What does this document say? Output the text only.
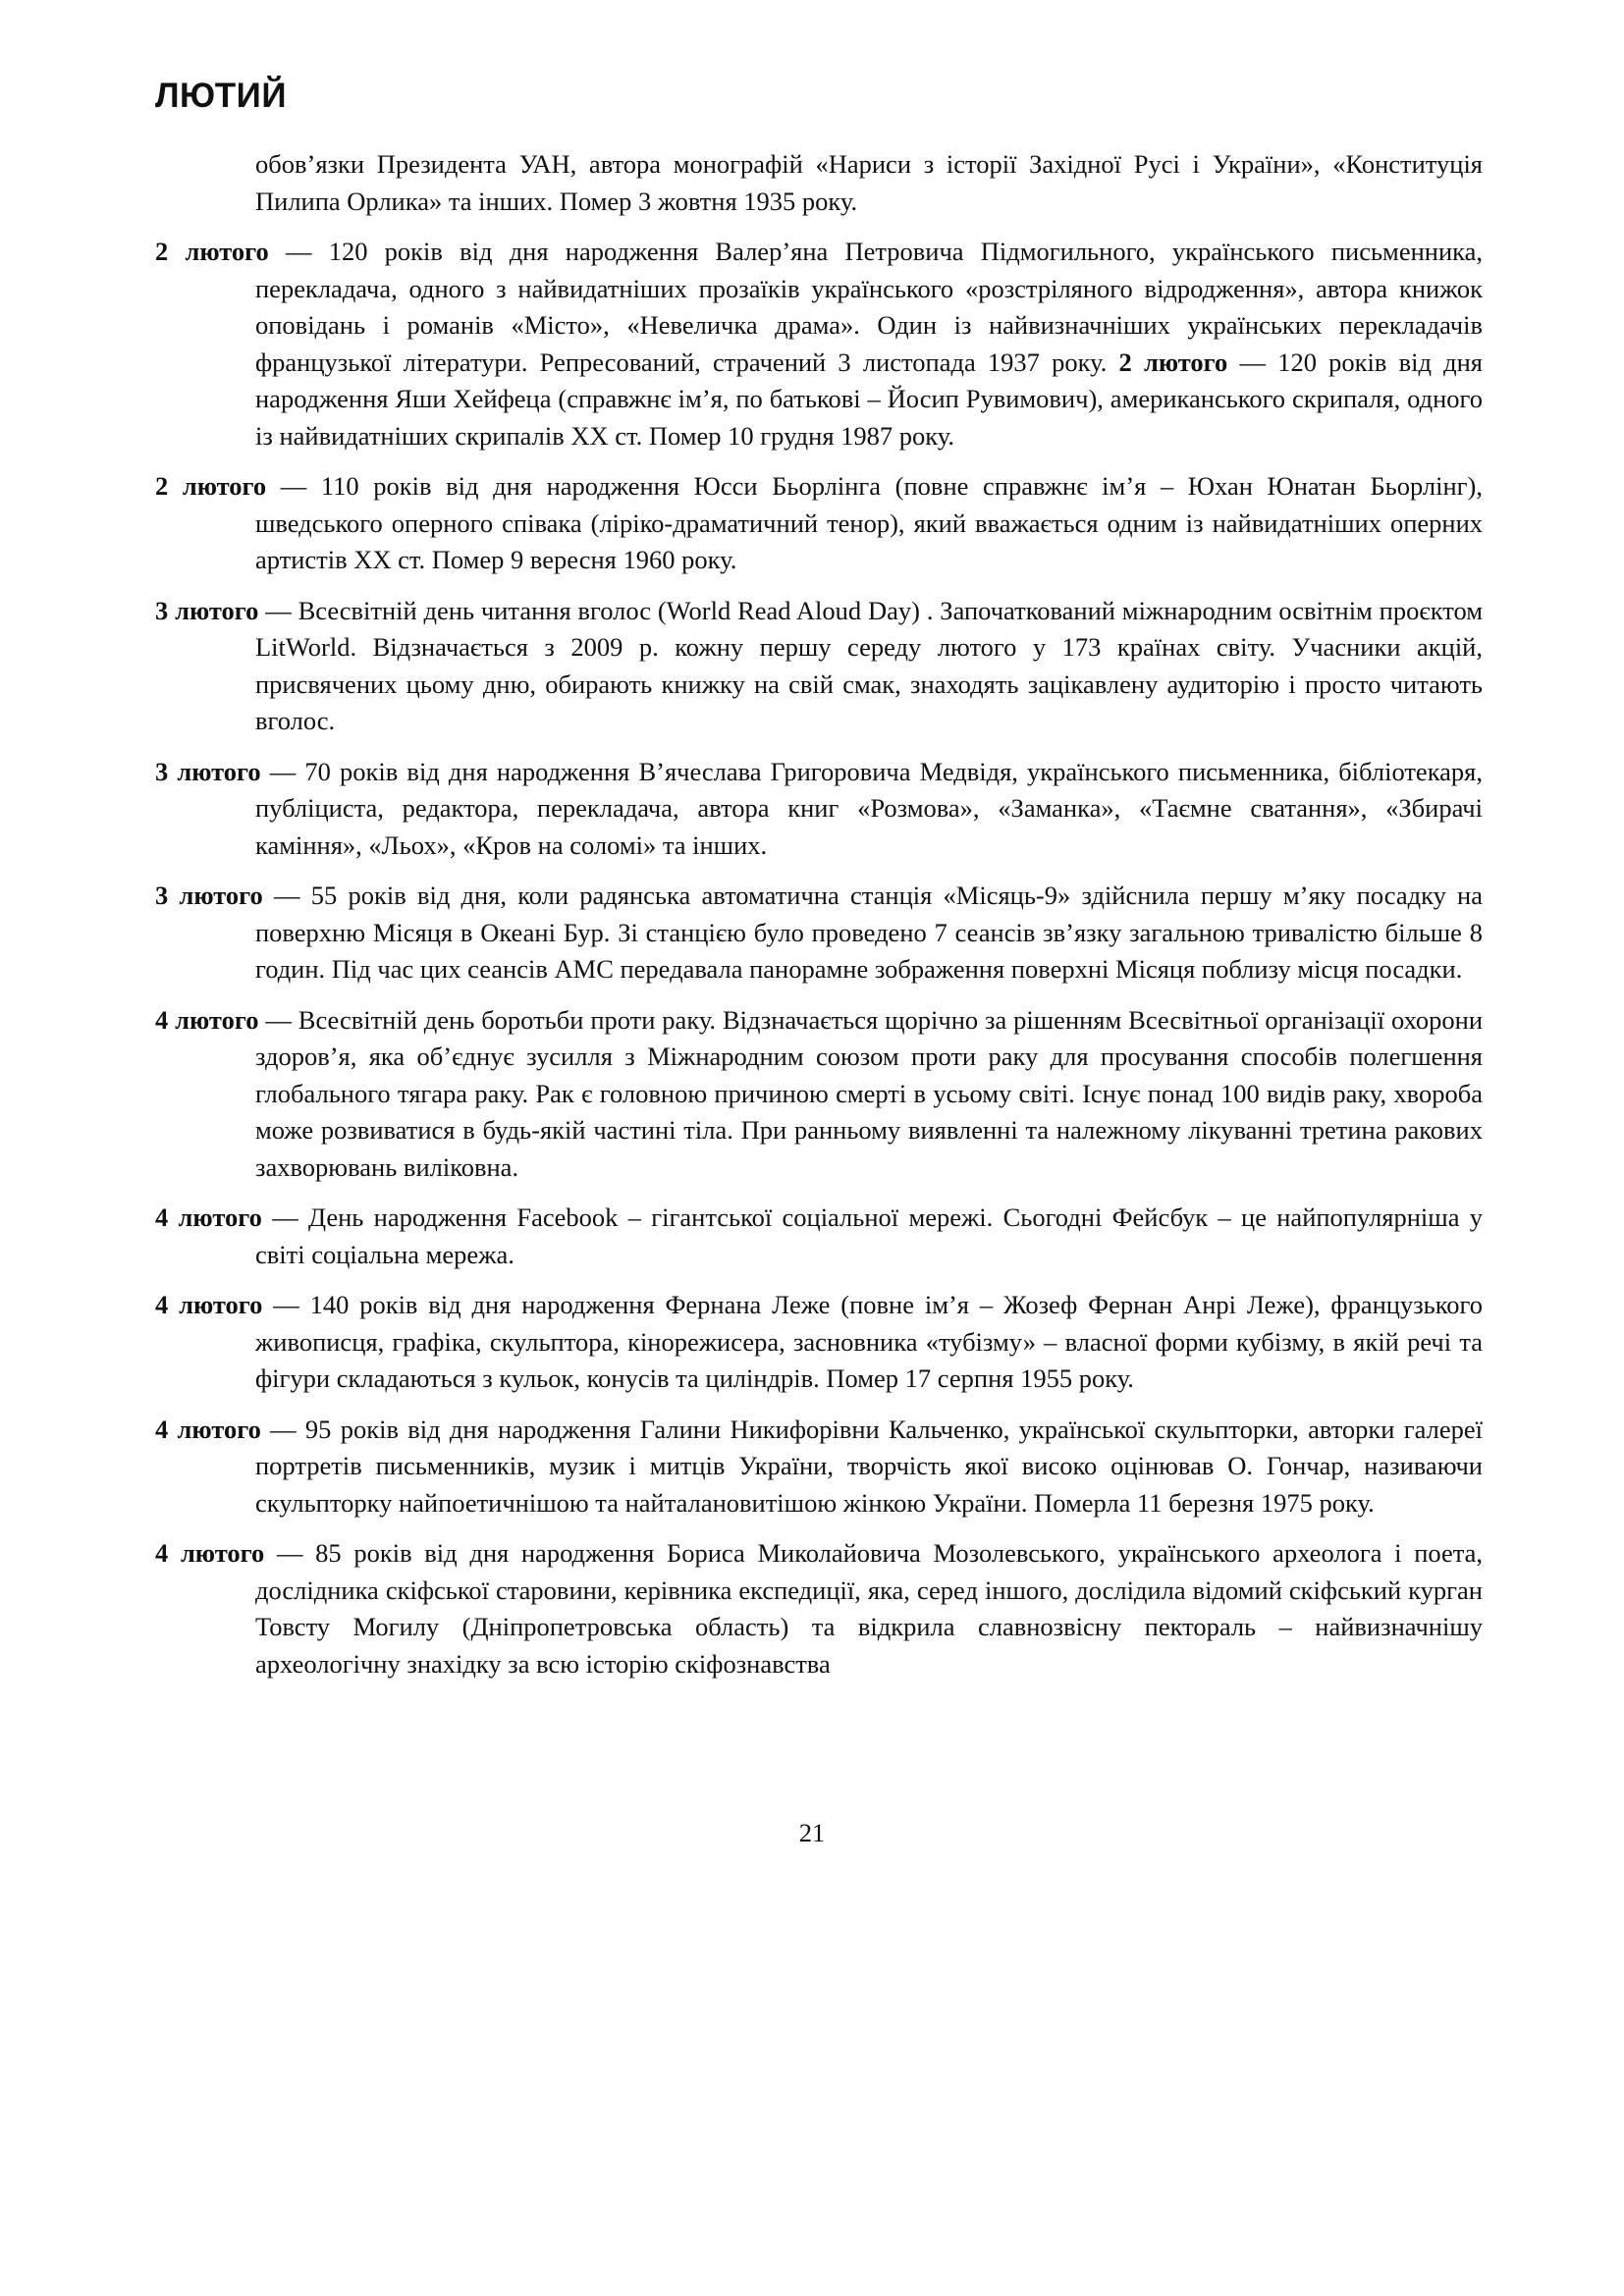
ЛЮТИЙ

обов’язки Президента УАН, автора монографій «Нариси з історії Західної Русі і України», «Конституція Пилипа Орлика» та інших. Помер 3 жовтня 1935 року.

2 лютого — 120 років від дня народження Валер’яна Петровича Підмогильного, українського письменника, перекладача, одного з найвидатніших прозаїків українського «розстріляного відродження», автора книжок оповідань і романів «Місто», «Невеличка драма». Один із найвизначніших українських перекладачів французької літератури. Репресований, страчений 3 листопада 1937 року. 2 лютого — 120 років від дня народження Яши Хейфеца (справжнє ім’я, по батькові – Йосип Рувимович), американського скрипаля, одного із найвидатніших скрипалів ХХ ст. Помер 10 грудня 1987 року.

2 лютого — 110 років від дня народження Юсси Бьорлінга (повне справжнє ім’я – Юхан Юнатан Бьорлінг), шведського оперного співака (ліріко-драматичний тенор), який вважається одним із найвидатніших оперних артистів ХХ ст. Помер 9 вересня 1960 року.

3 лютого — Всесвітній день читання вголос (World Read Aloud Day) . Започаткований міжнародним освітнім проєктом LitWorld. Відзначається з 2009 р. кожну першу середу лютого у 173 країнах світу. Учасники акцій, присвячених цьому дню, обирають книжку на свій смак, знаходять зацікавлену аудиторію і просто читають вголос.

3 лютого — 70 років від дня народження В’ячеслава Григоровича Медвідя, українського письменника, бібліотекаря, публіциста, редактора, перекладача, автора книг «Розмова», «Заманка», «Таємне сватання», «Збирачі каміння», «Льох», «Кров на соломі» та інших.

3 лютого — 55 років від дня, коли радянська автоматична станція «Місяць-9» здійснила першу м’яку посадку на поверхню Місяця в Океані Бур. Зі станцією було проведено 7 сеансів зв’язку загальною тривалістю більше 8 годин. Під час цих сеансів АМС передавала панорамне зображення поверхні Місяця поблизу місця посадки.

4 лютого — Всесвітній день боротьби проти раку. Відзначається щорічно за рішенням Всесвітньої організації охорони здоров’я, яка об’єднує зусилля з Міжнародним союзом проти раку для просування способів полегшення глобального тягара раку. Рак є головною причиною смерті в усьому світі. Існує понад 100 видів раку, хвороба може розвиватися в будь-якій частині тіла. При ранньому виявленні та належному лікуванні третина ракових захворювань виліковна.

4 лютого — День народження Facebook – гігантської соціальної мережі. Сьогодні Фейсбук – це найпопулярніша у світі соціальна мережа.

4 лютого — 140 років від дня народження Фернана Леже (повне ім’я – Жозеф Фернан Анрі Леже), французького живописця, графіка, скульптора, кінорежисера, засновника «тубізму» – власної форми кубізму, в якій речі та фігури складаються з кульок, конусів та циліндрів. Помер 17 серпня 1955 року.

4 лютого — 95 років від дня народження Галини Никифорівни Кальченко, української скульпторки, авторки галереї портретів письменників, музик і митців України, творчість якої високо оцінював О. Гончар, називаючи скульпторку найпоетичнішою та найталановитішою жінкою України. Померла 11 березня 1975 року.

4 лютого — 85 років від дня народження Бориса Миколайовича Мозолевського, українського археолога і поета, дослідника скіфської старовини, керівника експедиції, яка, серед іншого, дослідила відомий скіфський курган Товсту Могилу (Дніпропетровська область) та відкрила славнозвісну пектораль – найвизначнішу археологічну знахідку за всю історію скіфознавства

21
